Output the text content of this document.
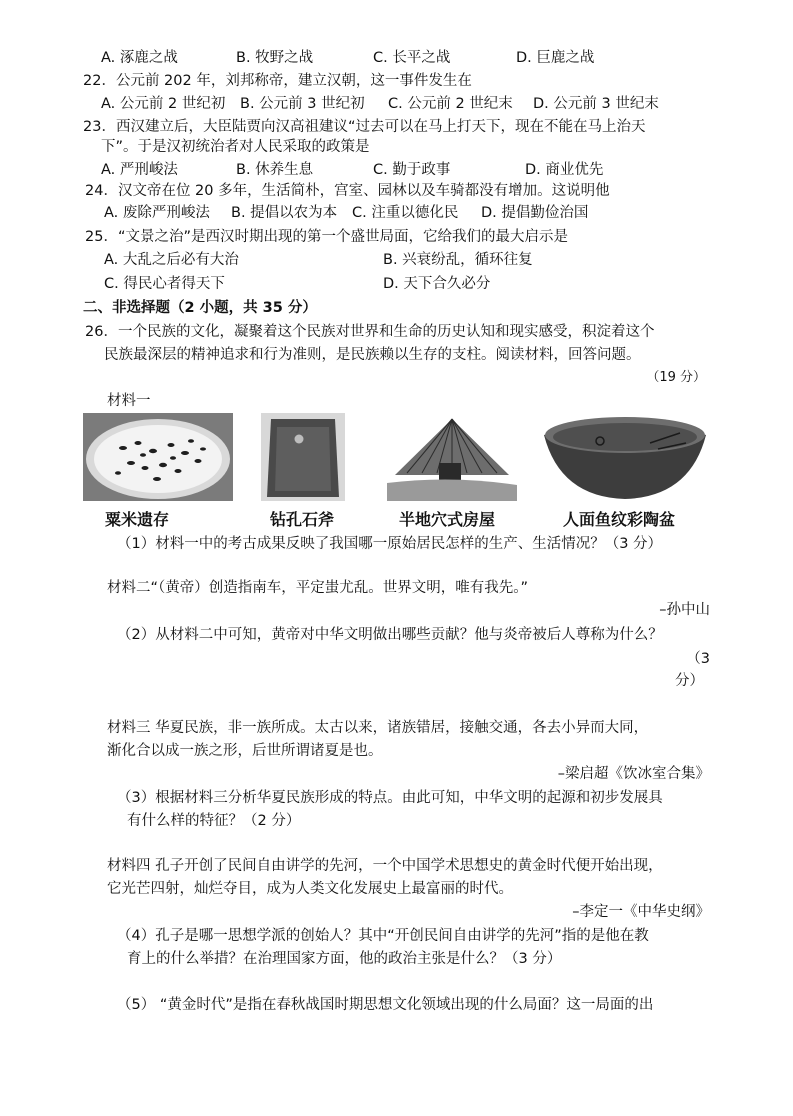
A. 涿鹿之战	B. 牧野之战	C. 长平之战	D. 巨鹿之战
22．公元前 202 年，刘邦称帝，建立汉朝，这一事件发生在
A. 公元前 2 世纪初 B. 公元前 3 世纪初 C. 公元前 2 世纪末 D. 公元前 3 世纪末
23．西汉建立后，大臣陆贾向汉高祖建议“过去可以在马上打天下，现在不能在马上治天
下”。于是汉初统治者对人民采取的政策是
A. 严刑峻法	B. 休养生息	C. 勤于政事	D. 商业优先
24．汉文帝在位 20 多年，生活简朴，宫室、园林以及车骑都没有增加。这说明他
A. 废除严刑峻法 B. 提倡以农为本 C. 注重以德化民 D. 提倡勤俭治国
25．“文景之治”是西汉时期出现的第一个盛世局面，它给我们的最大启示是
A. 大乱之后必有大治	B. 兴衰纷乱，循环往复
C. 得民心者得天下	D. 天下合久必分
二、非选择题（2 小题，共 35 分）
26．一个民族的文化，凝聚着这个民族对世界和生命的历史认知和现实感受，积淀着这个
民族最深层的精神追求和行为准则，是民族赖以生存的支柱。阅读材料，回答问题。
（19 分）
材料一
粟米遗存	钻孔石斧	半地穴式房屋	人面鱼纹彩陶盆
（1）材料一中的考古成果反映了我国哪一原始居民怎样的生产、生活情况？（3 分）
材料二“（黄帝）创造指南车，平定蚩尤乱。世界文明，唯有我先。”
–孙中山
（2）从材料二中可知，黄帝对中华文明做出哪些贡献？他与炎帝被后人尊称为什么？
（3
分）
材料三 华夏民族，非一族所成。太古以来，诸族错居，接触交通，各去小异而大同，
渐化合以成一族之形，后世所谓诸夏是也。
–梁启超《饮冰室合集》
（3）根据材料三分析华夏民族形成的特点。由此可知，中华文明的起源和初步发展具
有什么样的特征？（2 分）
材料四 孔子开创了民间自由讲学的先河，一个中国学术思想史的黄金时代便开始出现，
它光芒四射，灿烂夺目，成为人类文化发展史上最富丽的时代。
–李定一《中华史纲》
（4）孔子是哪一思想学派的创始人？其中“开创民间自由讲学的先河”指的是他在教
育上的什么举措？在治理国家方面，他的政治主张是什么？（3 分）
（5） “黄金时代”是指在春秋战国时期思想文化领域出现的什么局面？这一局面的出
